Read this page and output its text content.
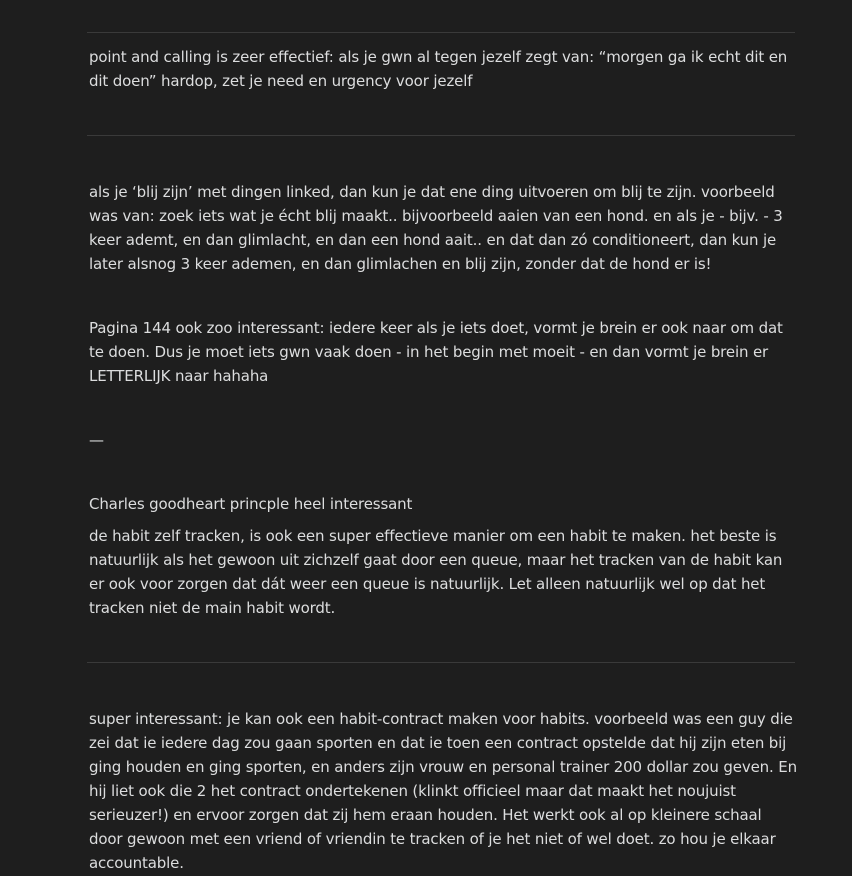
point and calling is zeer effectief: als je gwn al tegen jezelf zegt van: “morgen ga ik echt dit en dit doen” hardop, zet je need en urgency voor jezelf

als je ‘blij zijn’ met dingen linked, dan kun je dat ene ding uitvoeren om blij te zijn. voorbeeld was van: zoek iets wat je écht blij maakt.. bijvoorbeeld aaien van een hond. en als je - bijv. - 3 keer ademt, en dan glimlacht, en dan een hond aait.. en dat dan zó conditioneert, dan kun je later alsnog 3 keer ademen, en dan glimlachen en blij zijn, zonder dat de hond er is!

Pagina 144 ook zoo interessant: iedere keer als je iets doet, vormt je brein er ook naar om dat te doen. Dus je moet iets gwn vaak doen - in het begin met moeit - en dan vormt je brein er LETTERLIJK naar hahaha

—

Charles goodheart princple heel interessant

de habit zelf tracken, is ook een super effectieve manier om een habit te maken. het beste is natuurlijk als het gewoon uit zichzelf gaat door een queue, maar het tracken van de habit kan er ook voor zorgen dat dát weer een queue is natuurlijk. Let alleen natuurlijk wel op dat het tracken niet de main habit wordt.

super interessant: je kan ook een habit-contract maken voor habits. voorbeeld was een guy die zei dat ie iedere dag zou gaan sporten en dat ie toen een contract opstelde dat hij zijn eten bij ging houden en ging sporten, en anders zijn vrouw en personal trainer 200 dollar zou geven. En hij liet ook die 2 het contract ondertekenen (klinkt officieel maar dat maakt het noujuist serieuzer!) en ervoor zorgen dat zij hem eraan houden. Het werkt ook al op kleinere schaal door gewoon met een vriend of vriendin te tracken of je het niet of wel doet. zo hou je elkaar accountable.
